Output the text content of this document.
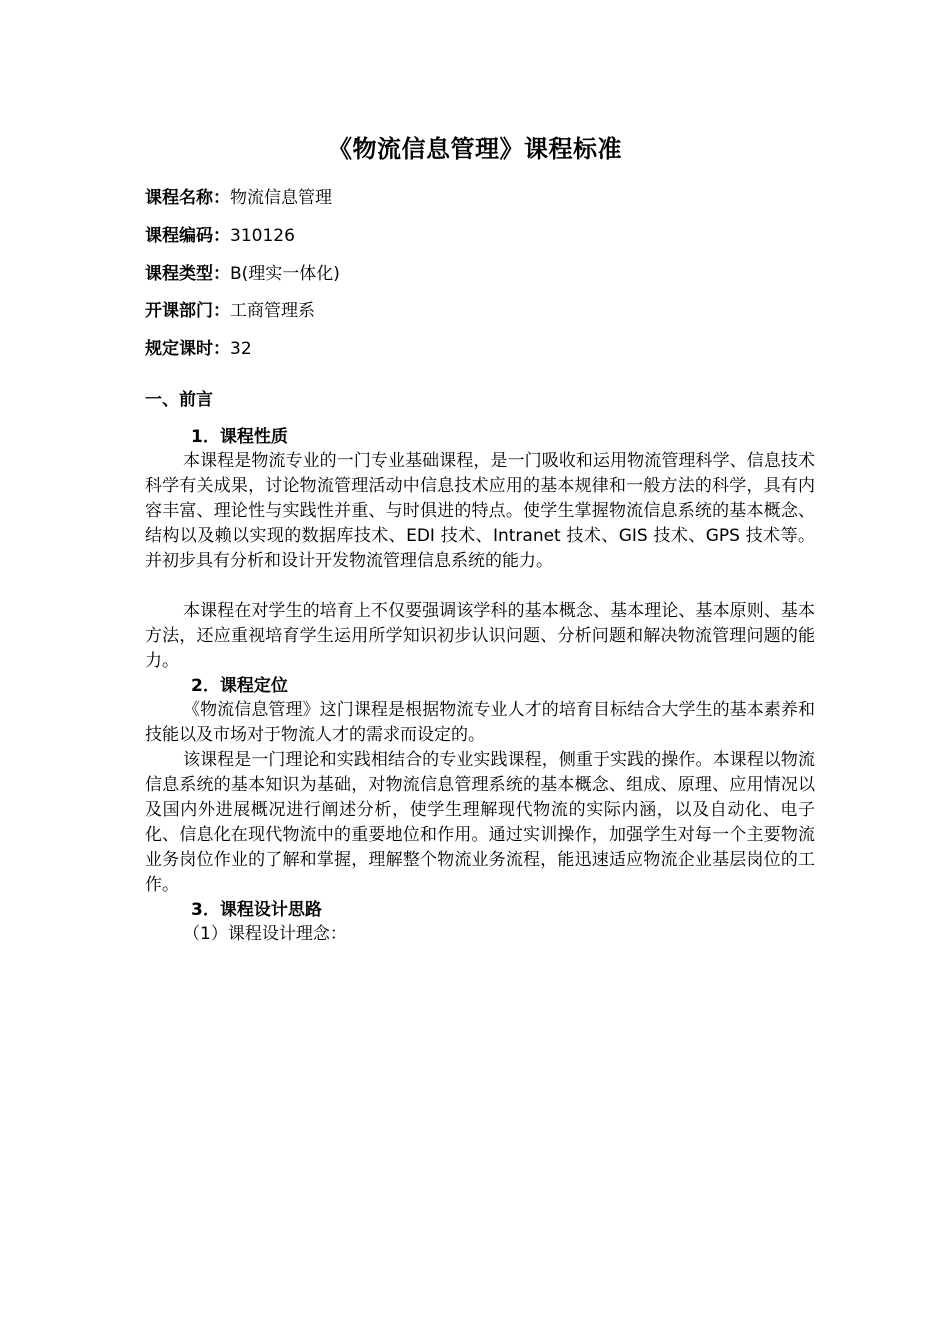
《物流信息管理》课程标准
课程名称：物流信息管理
课程编码：310126
课程类型：B(理实一体化)
开课部门：工商管理系
规定课时：32
一、前言
1．课程性质

本课程是物流专业的一门专业基础课程，是一门吸收和运用物流管理科学、信息技术科学有关成果，讨论物流管理活动中信息技术应用的基本规律和一般方法的科学，具有内容丰富、理论性与实践性并重、与时俱进的特点。使学生掌握物流信息系统的基本概念、结构以及赖以实现的数据库技术、EDI 技术、Intranet 技术、GIS 技术、GPS 技术等。并初步具有分析和设计开发物流管理信息系统的能力。

本课程在对学生的培育上不仅要强调该学科的基本概念、基本理论、基本原则、基本方法，还应重视培育学生运用所学知识初步认识问题、分析问题和解决物流管理问题的能力。

2．课程定位

《物流信息管理》这门课程是根据物流专业人才的培育目标结合大学生的基本素养和技能以及市场对于物流人才的需求而设定的。

该课程是一门理论和实践相结合的专业实践课程，侧重于实践的操作。本课程以物流信息系统的基本知识为基础，对物流信息管理系统的基本概念、组成、原理、应用情况以及国内外进展概况进行阐述分析，使学生理解现代物流的实际内涵，以及自动化、电子化、信息化在现代物流中的重要地位和作用。通过实训操作，加强学生对每一个主要物流业务岗位作业的了解和掌握，理解整个物流业务流程，能迅速适应物流企业基层岗位的工作。

3．课程设计思路
（1）课程设计理念：
